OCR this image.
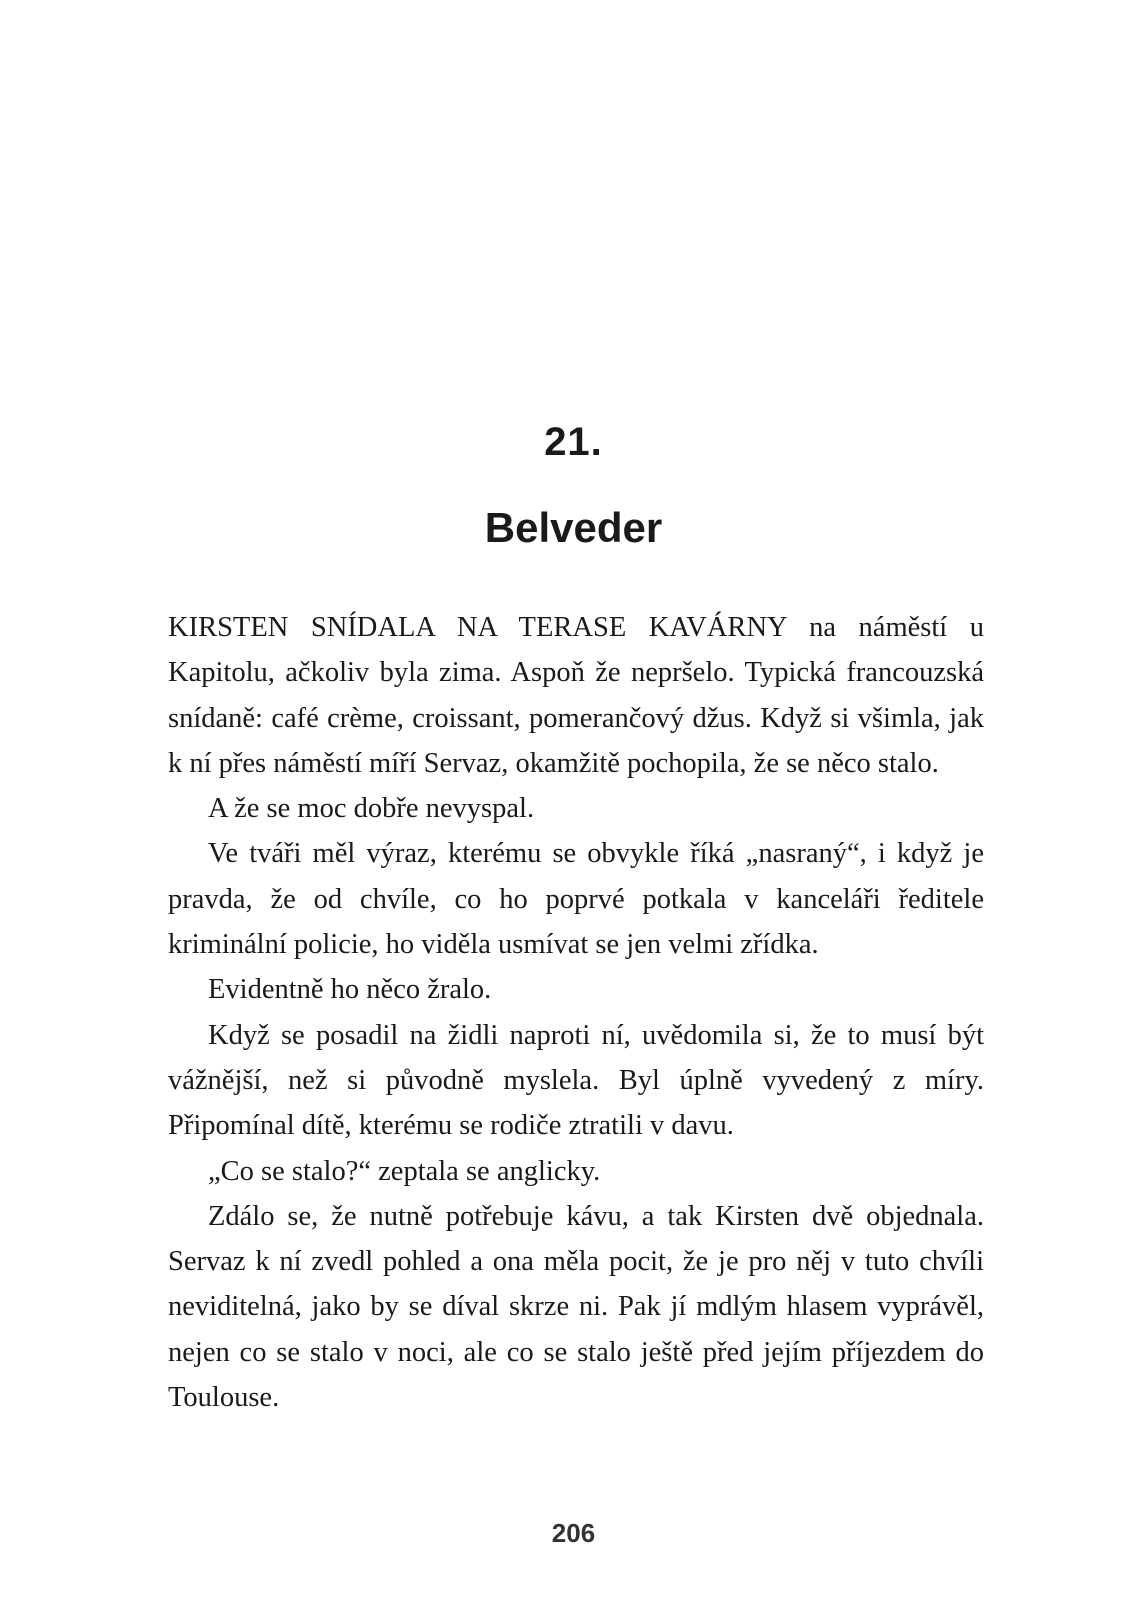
21.
Belveder

KIRSTEN SNÍDALA NA TERASE KAVÁRNY na náměstí u Kapitolu, ačkoliv byla zima. Aspoň že nepršelo. Typická francouzská snídaně: café crème, croissant, pomerančový džus. Když si všimla, jak k ní přes náměstí míří Servaz, okamžitě pochopila, že se něco stalo.

A že se moc dobře nevyspal.

Ve tváři měl výraz, kterému se obvykle říká „nasraný“, i když je pravda, že od chvíle, co ho poprvé potkala v kanceláři ředitele kriminální policie, ho viděla usmívat se jen velmi zřídka.

Evidentně ho něco žralo.

Když se posadil na židli naproti ní, uvědomila si, že to musí být vážnější, než si původně myslela. Byl úplně vyvedený z míry. Připomínal dítě, kterému se rodiče ztratili v davu.

„Co se stalo?“ zeptala se anglicky.

Zdálo se, že nutně potřebuje kávu, a tak Kirsten dvě objednala. Servaz k ní zvedl pohled a ona měla pocit, že je pro něj v tuto chvíli neviditelná, jako by se díval skrze ni. Pak jí mdlým hlasem vyprávěl, nejen co se stalo v noci, ale co se stalo ještě před jejím příjezdem do Toulouse.

206
